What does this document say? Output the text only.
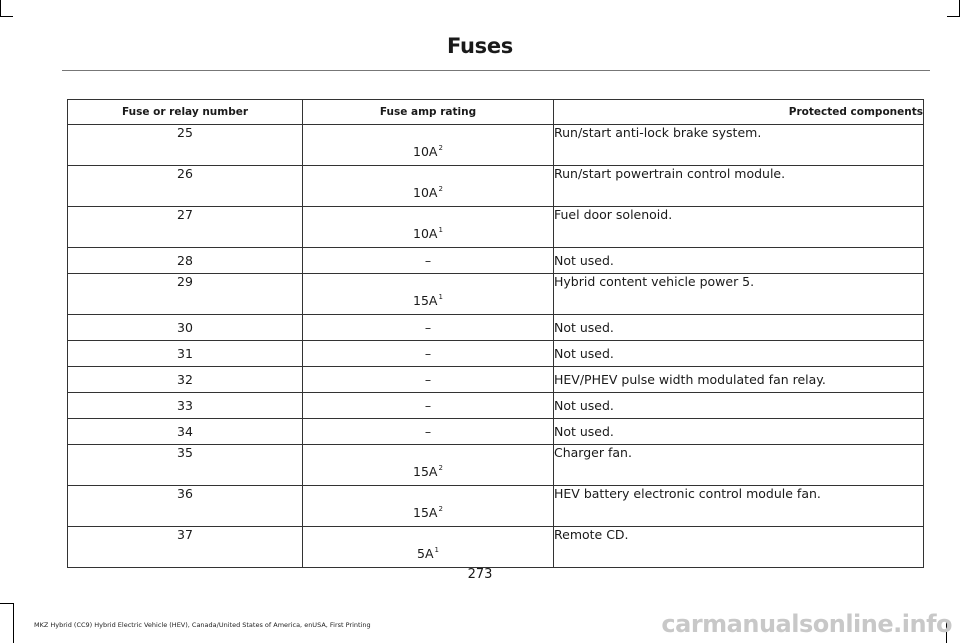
Fuses
Fuse or relay number	Fuse amp rating	Protected components
25	$10A^2$	Run/start anti-lock brake system.
26	$10A^2$	Run/start powertrain control module.
27	$10A^1$	Fuel door solenoid.
28	–	Not used.
29	$15A^1$	Hybrid content vehicle power 5.
30	–	Not used.
31	–	Not used.
32	–	HEV/PHEV pulse width modulated fan relay.
33	–	Not used.
34	–	Not used.
35	$15A^2$	Charger fan.
36	$15A^2$	HEV battery electronic control module fan.
37	$5A^1$	Remote CD.
273
MKZ Hybrid (CC9) Hybrid Electric Vehicle (HEV), Canada/United States of America, enUSA, First Printing	carmanualsonline.info
